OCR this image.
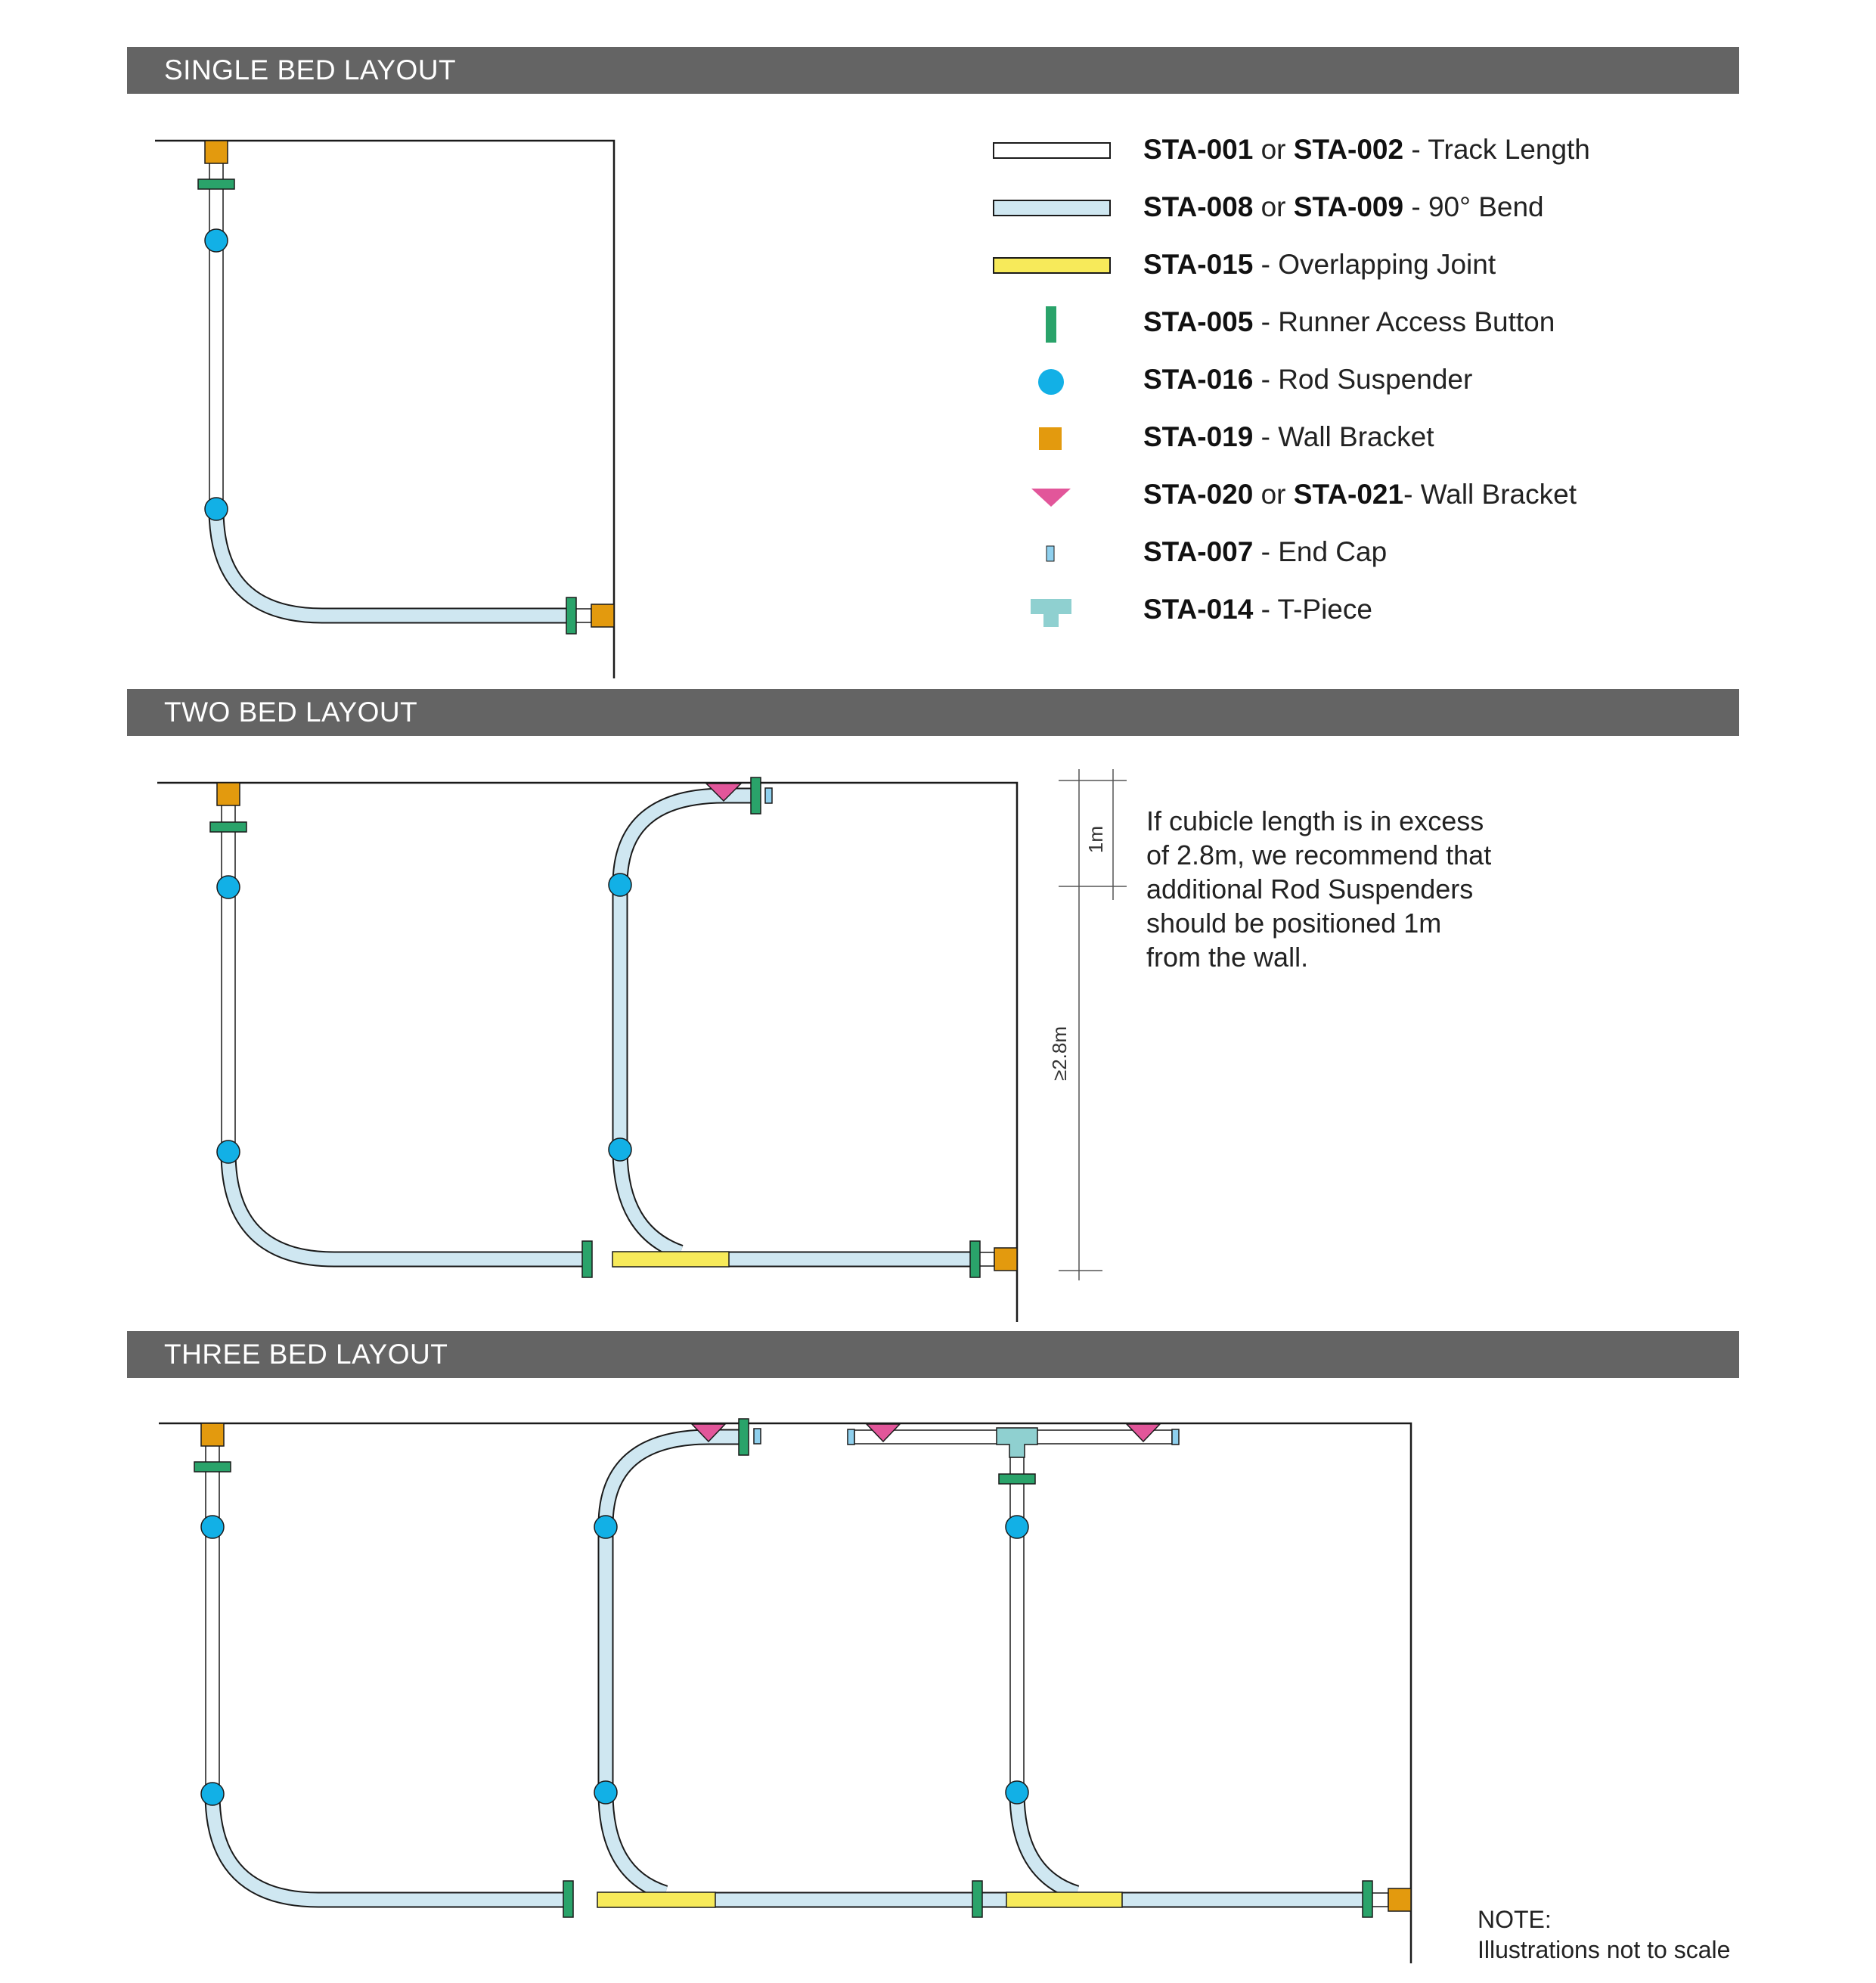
SINGLE BED LAYOUT
TWO BED LAYOUT
THREE BED LAYOUT
1m
≥2.8m
STA-001 or STA-002 - Track Length
STA-008 or STA-009 - 90° Bend
STA-015 - Overlapping Joint
STA-005 - Runner Access Button
STA-016 - Rod Suspender
STA-019 - Wall Bracket
STA-020 or STA-021- Wall Bracket
STA-007 - End Cap
STA-014 - T-Piece
If cubicle length is in excess
of 2.8m, we recommend that
additional Rod Suspenders
should be positioned 1m
from the wall.
NOTE:
Illustrations not to scale
